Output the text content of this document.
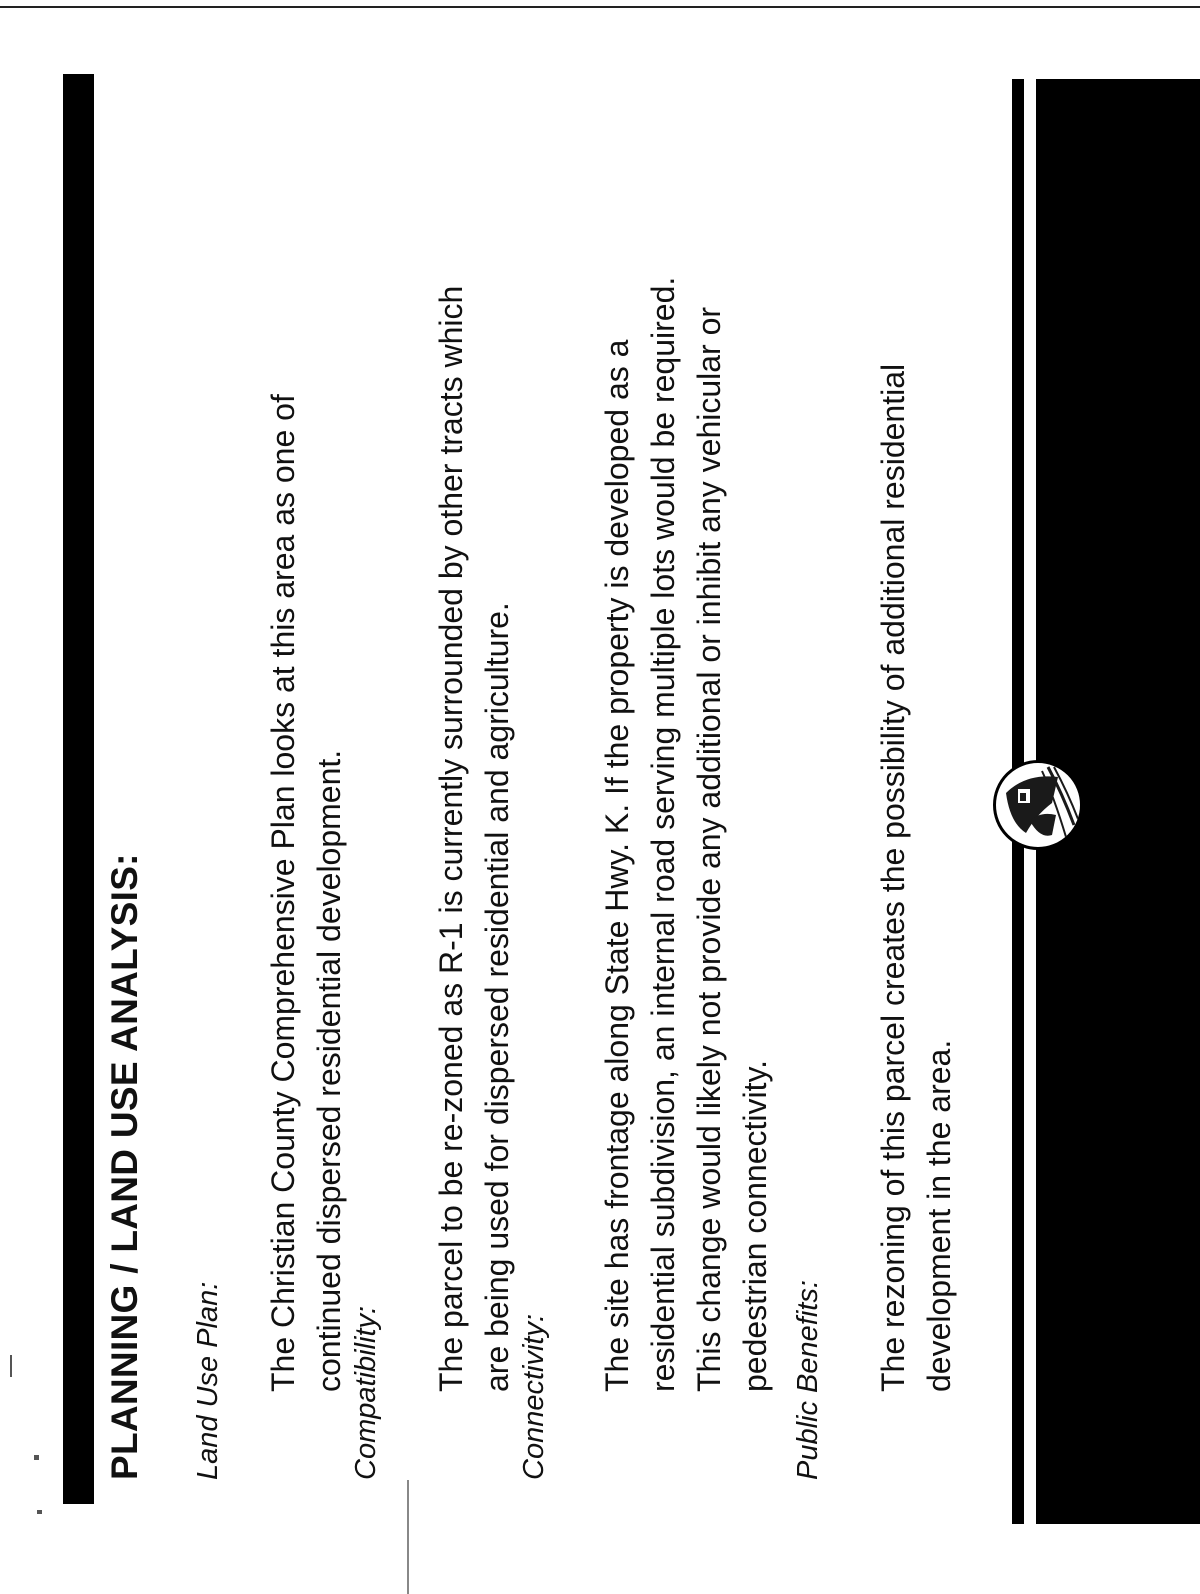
PLANNING / LAND USE ANALYSIS: Land Use Plan: The Christian County Comprehensive Plan looks at this area as one of continued dispersed residential development.
Compatibility:
The parcel to be re-zoned as R-1 is currently surrounded by other tracts which are being used for dispersed residential and agriculture.
Connectivity:
The site has frontage along State Hwy. K. If the property is developed as a residential subdivision, an internal road serving multiple lots would be required. This change would likely not provide any additional or inhibit any vehicular or pedestrian connectivity. Public Benefits: The rezoning of this parcel creates the possibility of additional residential development in the area.
